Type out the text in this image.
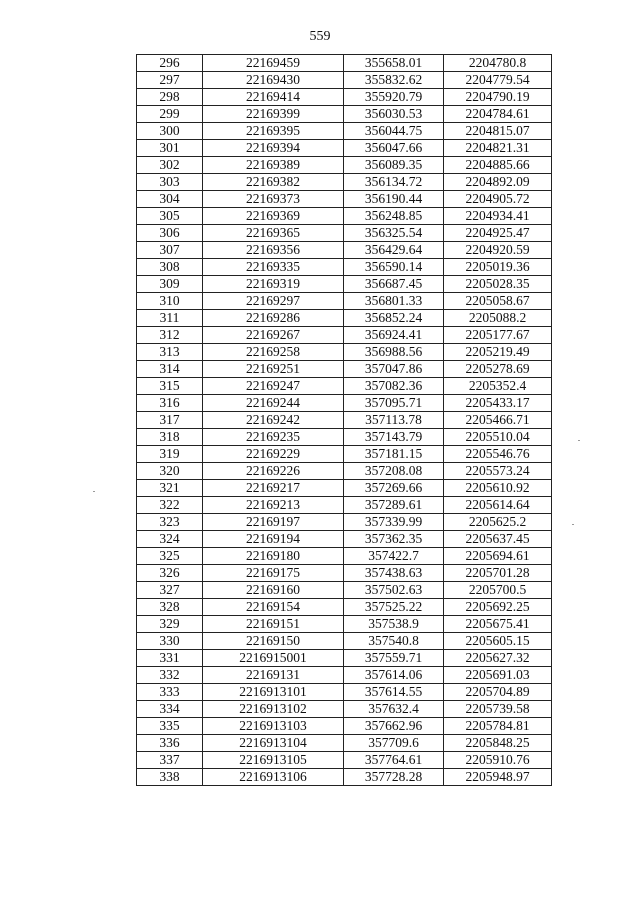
559
296	22169459	355658.01	2204780.8
297	22169430	355832.62	2204779.54
298	22169414	355920.79	2204790.19
299	22169399	356030.53	2204784.61
300	22169395	356044.75	2204815.07
301	22169394	356047.66	2204821.31
302	22169389	356089.35	2204885.66
303	22169382	356134.72	2204892.09
304	22169373	356190.44	2204905.72
305	22169369	356248.85	2204934.41
306	22169365	356325.54	2204925.47
307	22169356	356429.64	2204920.59
308	22169335	356590.14	2205019.36
309	22169319	356687.45	2205028.35
310	22169297	356801.33	2205058.67
311	22169286	356852.24	2205088.2
312	22169267	356924.41	2205177.67
313	22169258	356988.56	2205219.49
314	22169251	357047.86	2205278.69
315	22169247	357082.36	2205352.4
316	22169244	357095.71	2205433.17
317	22169242	357113.78	2205466.71
318	22169235	357143.79	2205510.04
319	22169229	357181.15	2205546.76
320	22169226	357208.08	2205573.24
321	22169217	357269.66	2205610.92
322	22169213	357289.61	2205614.64
323	22169197	357339.99	2205625.2
324	22169194	357362.35	2205637.45
325	22169180	357422.7	2205694.61
326	22169175	357438.63	2205701.28
327	22169160	357502.63	2205700.5
328	22169154	357525.22	2205692.25
329	22169151	357538.9	2205675.41
330	22169150	357540.8	2205605.15
331	2216915001	357559.71	2205627.32
332	22169131	357614.06	2205691.03
333	2216913101	357614.55	2205704.89
334	2216913102	357632.4	2205739.58
335	2216913103	357662.96	2205784.81
336	2216913104	357709.6	2205848.25
337	2216913105	357764.61	2205910.76
338	2216913106	357728.28	2205948.97
